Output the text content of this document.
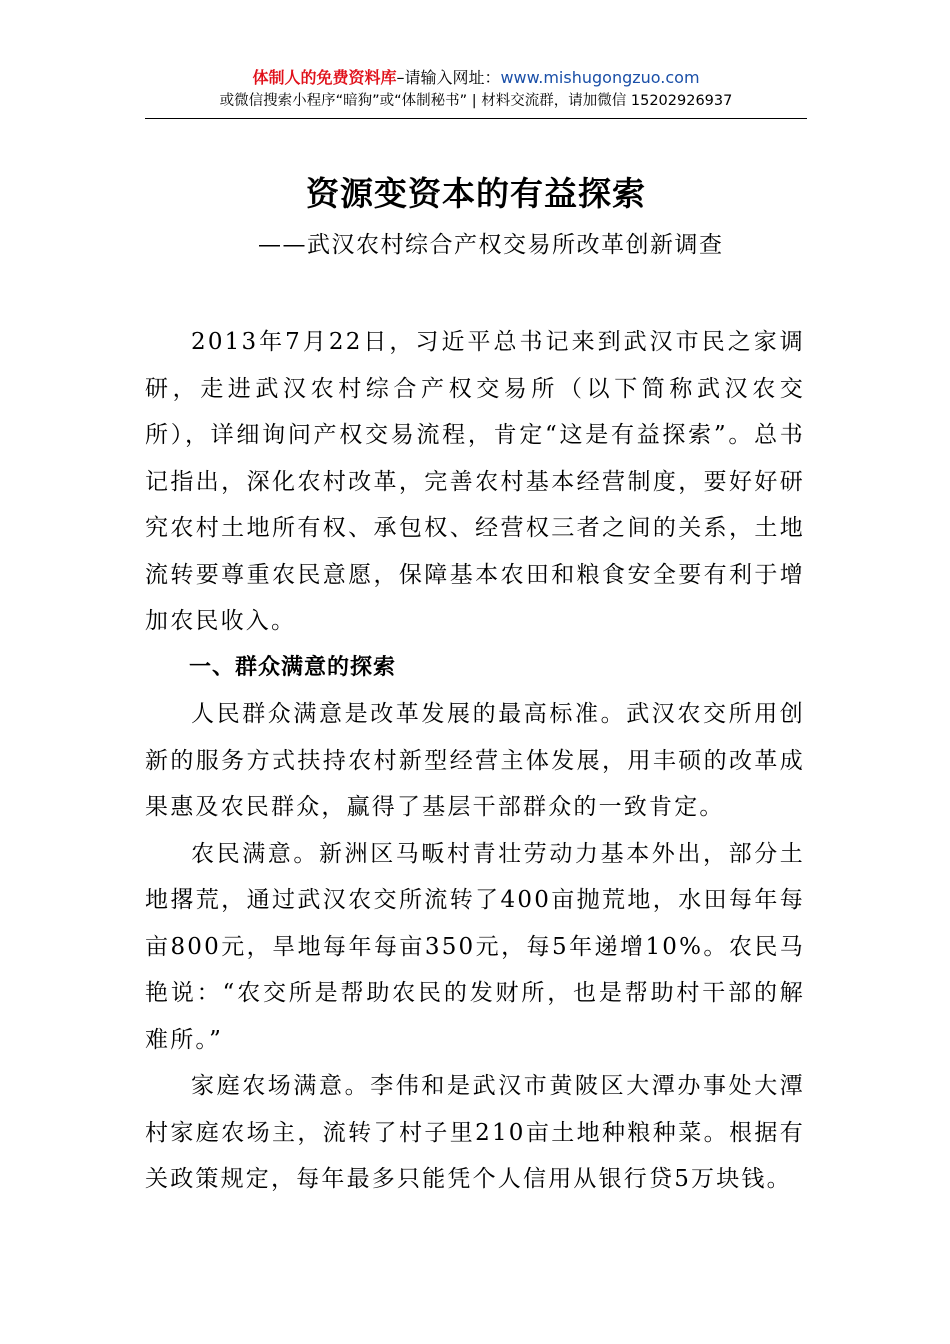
体制人的免费资料库–请输入网址：www.mishugongzuo.com
或微信搜索小程序“暗狗”或“体制秘书” | 材料交流群，请加微信 15202926937
资源变资本的有益探索
——武汉农村综合产权交易所改革创新调查

2013年7月22日，习近平总书记来到武汉市民之家调研，走进武汉农村综合产权交易所（以下简称武汉农交所），详细询问产权交易流程，肯定“这是有益探索”。总书记指出，深化农村改革，完善农村基本经营制度，要好好研究农村土地所有权、承包权、经营权三者之间的关系，土地流转要尊重农民意愿，保障基本农田和粮食安全要有利于增加农民收入。

一、群众满意的探索

人民群众满意是改革发展的最高标准。武汉农交所用创新的服务方式扶持农村新型经营主体发展，用丰硕的改革成果惠及农民群众，赢得了基层干部群众的一致肯定。

农民满意。新洲区马畈村青壮劳动力基本外出，部分土地撂荒，通过武汉农交所流转了400亩抛荒地，水田每年每亩800元，旱地每年每亩350元，每5年递增10%。农民马艳说：“农交所是帮助农民的发财所，也是帮助村干部的解难所。”

家庭农场满意。李伟和是武汉市黄陂区大潭办事处大潭村家庭农场主，流转了村子里210亩土地种粮种菜。根据有关政策规定，每年最多只能凭个人信用从银行贷5万块钱。
